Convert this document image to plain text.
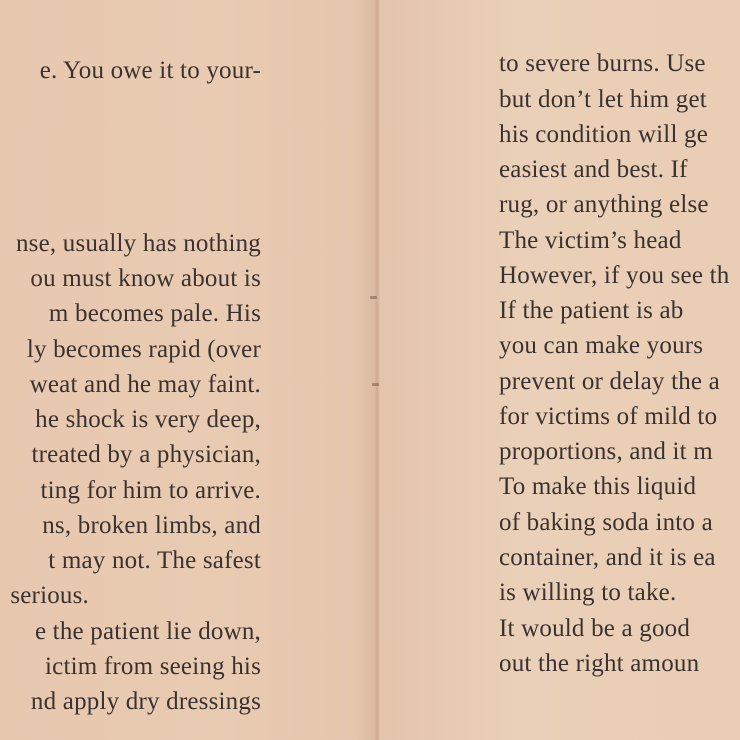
e. You owe it to your-
nse, usually has nothing
ou must know about is
m becomes pale. His
ly becomes rapid (over
weat and he may faint.
he shock is very deep,
treated by a physician,
ting for him to arrive.
ns, broken limbs, and
t may not. The safest
serious.
e the patient lie down,
ictim from seeing his
nd apply dry dressings
to severe burns. Use
but don’t let him get
his condition will ge
easiest and best. If
rug, or anything else
The victim’s head
However, if you see th
If the patient is ab
you can make yours
prevent or delay the a
for victims of mild to
proportions, and it m
To make this liquid
of baking soda into a
container, and it is ea
is willing to take.
It would be a good
out the right amoun
